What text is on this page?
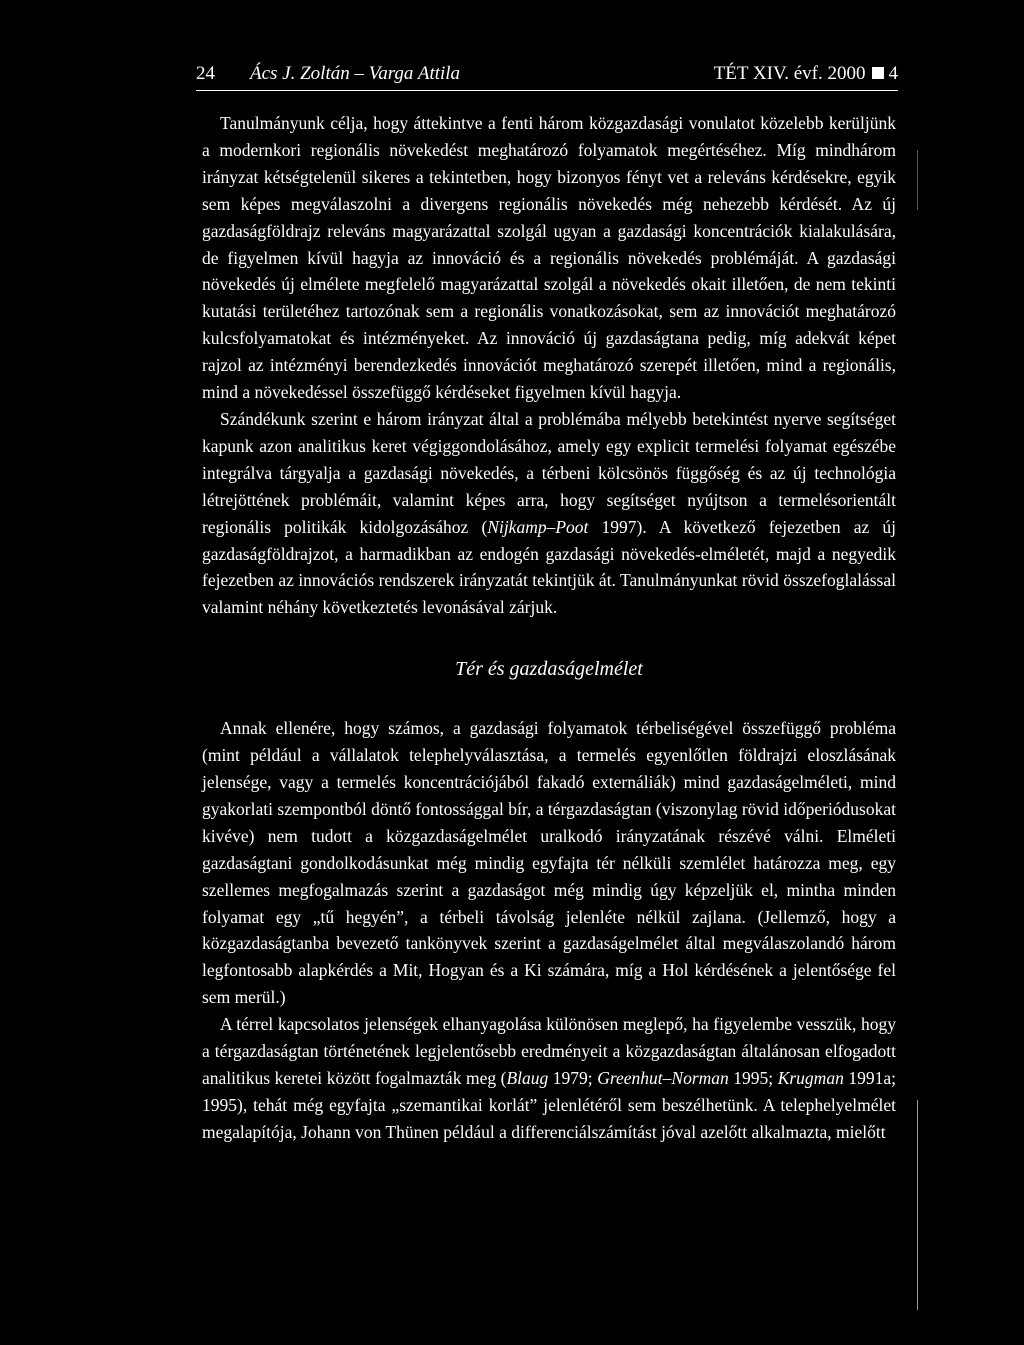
24 Ács J. Zoltán – Varga Attila	TÉT XIV. évf. 2000 4

Tanulmányunk célja, hogy áttekintve a fenti három közgazdasági vonulatot közelebb kerüljünk a modernkori regionális növekedést meghatározó folyamatok megértéséhez. Míg mindhárom irányzat kétségtelenül sikeres a tekintetben, hogy bizonyos fényt vet a releváns kérdésekre, egyik sem képes megválaszolni a divergens regionális növekedés még nehezebb kérdését. Az új gazdaságföldrajz releváns magyarázattal szolgál ugyan a gazdasági koncentrációk kialakulására, de figyelmen kívül hagyja az innováció és a regionális növekedés problémáját. A gazdasági növekedés új elmélete megfelelő magyarázattal szolgál a növekedés okait illetően, de nem tekinti kutatási területéhez tartozónak sem a regionális vonatkozásokat, sem az innovációt meghatározó kulcsfolyamatokat és intézményeket. Az innováció új gazdaságtana pedig, míg adekvát képet rajzol az intézményi berendezkedés innovációt meghatározó szerepét illetően, mind a regionális, mind a növekedéssel összefüggő kérdéseket figyelmen kívül hagyja.

Szándékunk szerint e három irányzat által a problémába mélyebb betekintést nyerve segítséget kapunk azon analitikus keret végiggondolásához, amely egy explicit termelési folyamat egészébe integrálva tárgyalja a gazdasági növekedés, a térbeni kölcsönös függőség és az új technológia létrejöttének problémáit, valamint képes arra, hogy segítséget nyújtson a termelésorientált regionális politikák kidolgozásához (Nijkamp–Poot 1997). A következő fejezetben az új gazdaságföldrajzot, a harmadikban az endogén gazdasági növekedés-elméletét, majd a negyedik fejezetben az innovációs rendszerek irányzatát tekintjük át. Tanulmányunkat rövid összefoglalással valamint néhány következtetés levonásával zárjuk.

Tér és gazdaságelmélet

Annak ellenére, hogy számos, a gazdasági folyamatok térbeliségével összefüggő probléma (mint például a vállalatok telephelyválasztása, a termelés egyenlőtlen földrajzi eloszlásának jelensége, vagy a termelés koncentrációjából fakadó externáliák) mind gazdaságelméleti, mind gyakorlati szempontból döntő fontossággal bír, a térgazdaságtan (viszonylag rövid időperiódusokat kivéve) nem tudott a közgazdaságelmélet uralkodó irányzatának részévé válni. Elméleti gazdaságtani gondolkodásunkat még mindig egyfajta tér nélküli szemlélet határozza meg, egy szellemes megfogalmazás szerint a gazdaságot még mindig úgy képzeljük el, mintha minden folyamat egy „tű hegyén”, a térbeli távolság jelenléte nélkül zajlana. (Jellemző, hogy a közgazdaságtanba bevezető tankönyvek szerint a gazdaságelmélet által megválaszolandó három legfontosabb alapkérdés a Mit, Hogyan és a Ki számára, míg a Hol kérdésének a jelentősége fel sem merül.)

A térrel kapcsolatos jelenségek elhanyagolása különösen meglepő, ha figyelembe vesszük, hogy a térgazdaságtan történetének legjelentősebb eredményeit a közgazdaságtan általánosan elfogadott analitikus keretei között fogalmazták meg (Blaug 1979; Greenhut–Norman 1995; Krugman 1991a; 1995), tehát még egyfajta „szemantikai korlát” jelenlétéről sem beszélhetünk. A telephelyelmélet megalapítója, Johann von Thünen például a differenciálszámítást jóval azelőtt alkalmazta, mielőtt
